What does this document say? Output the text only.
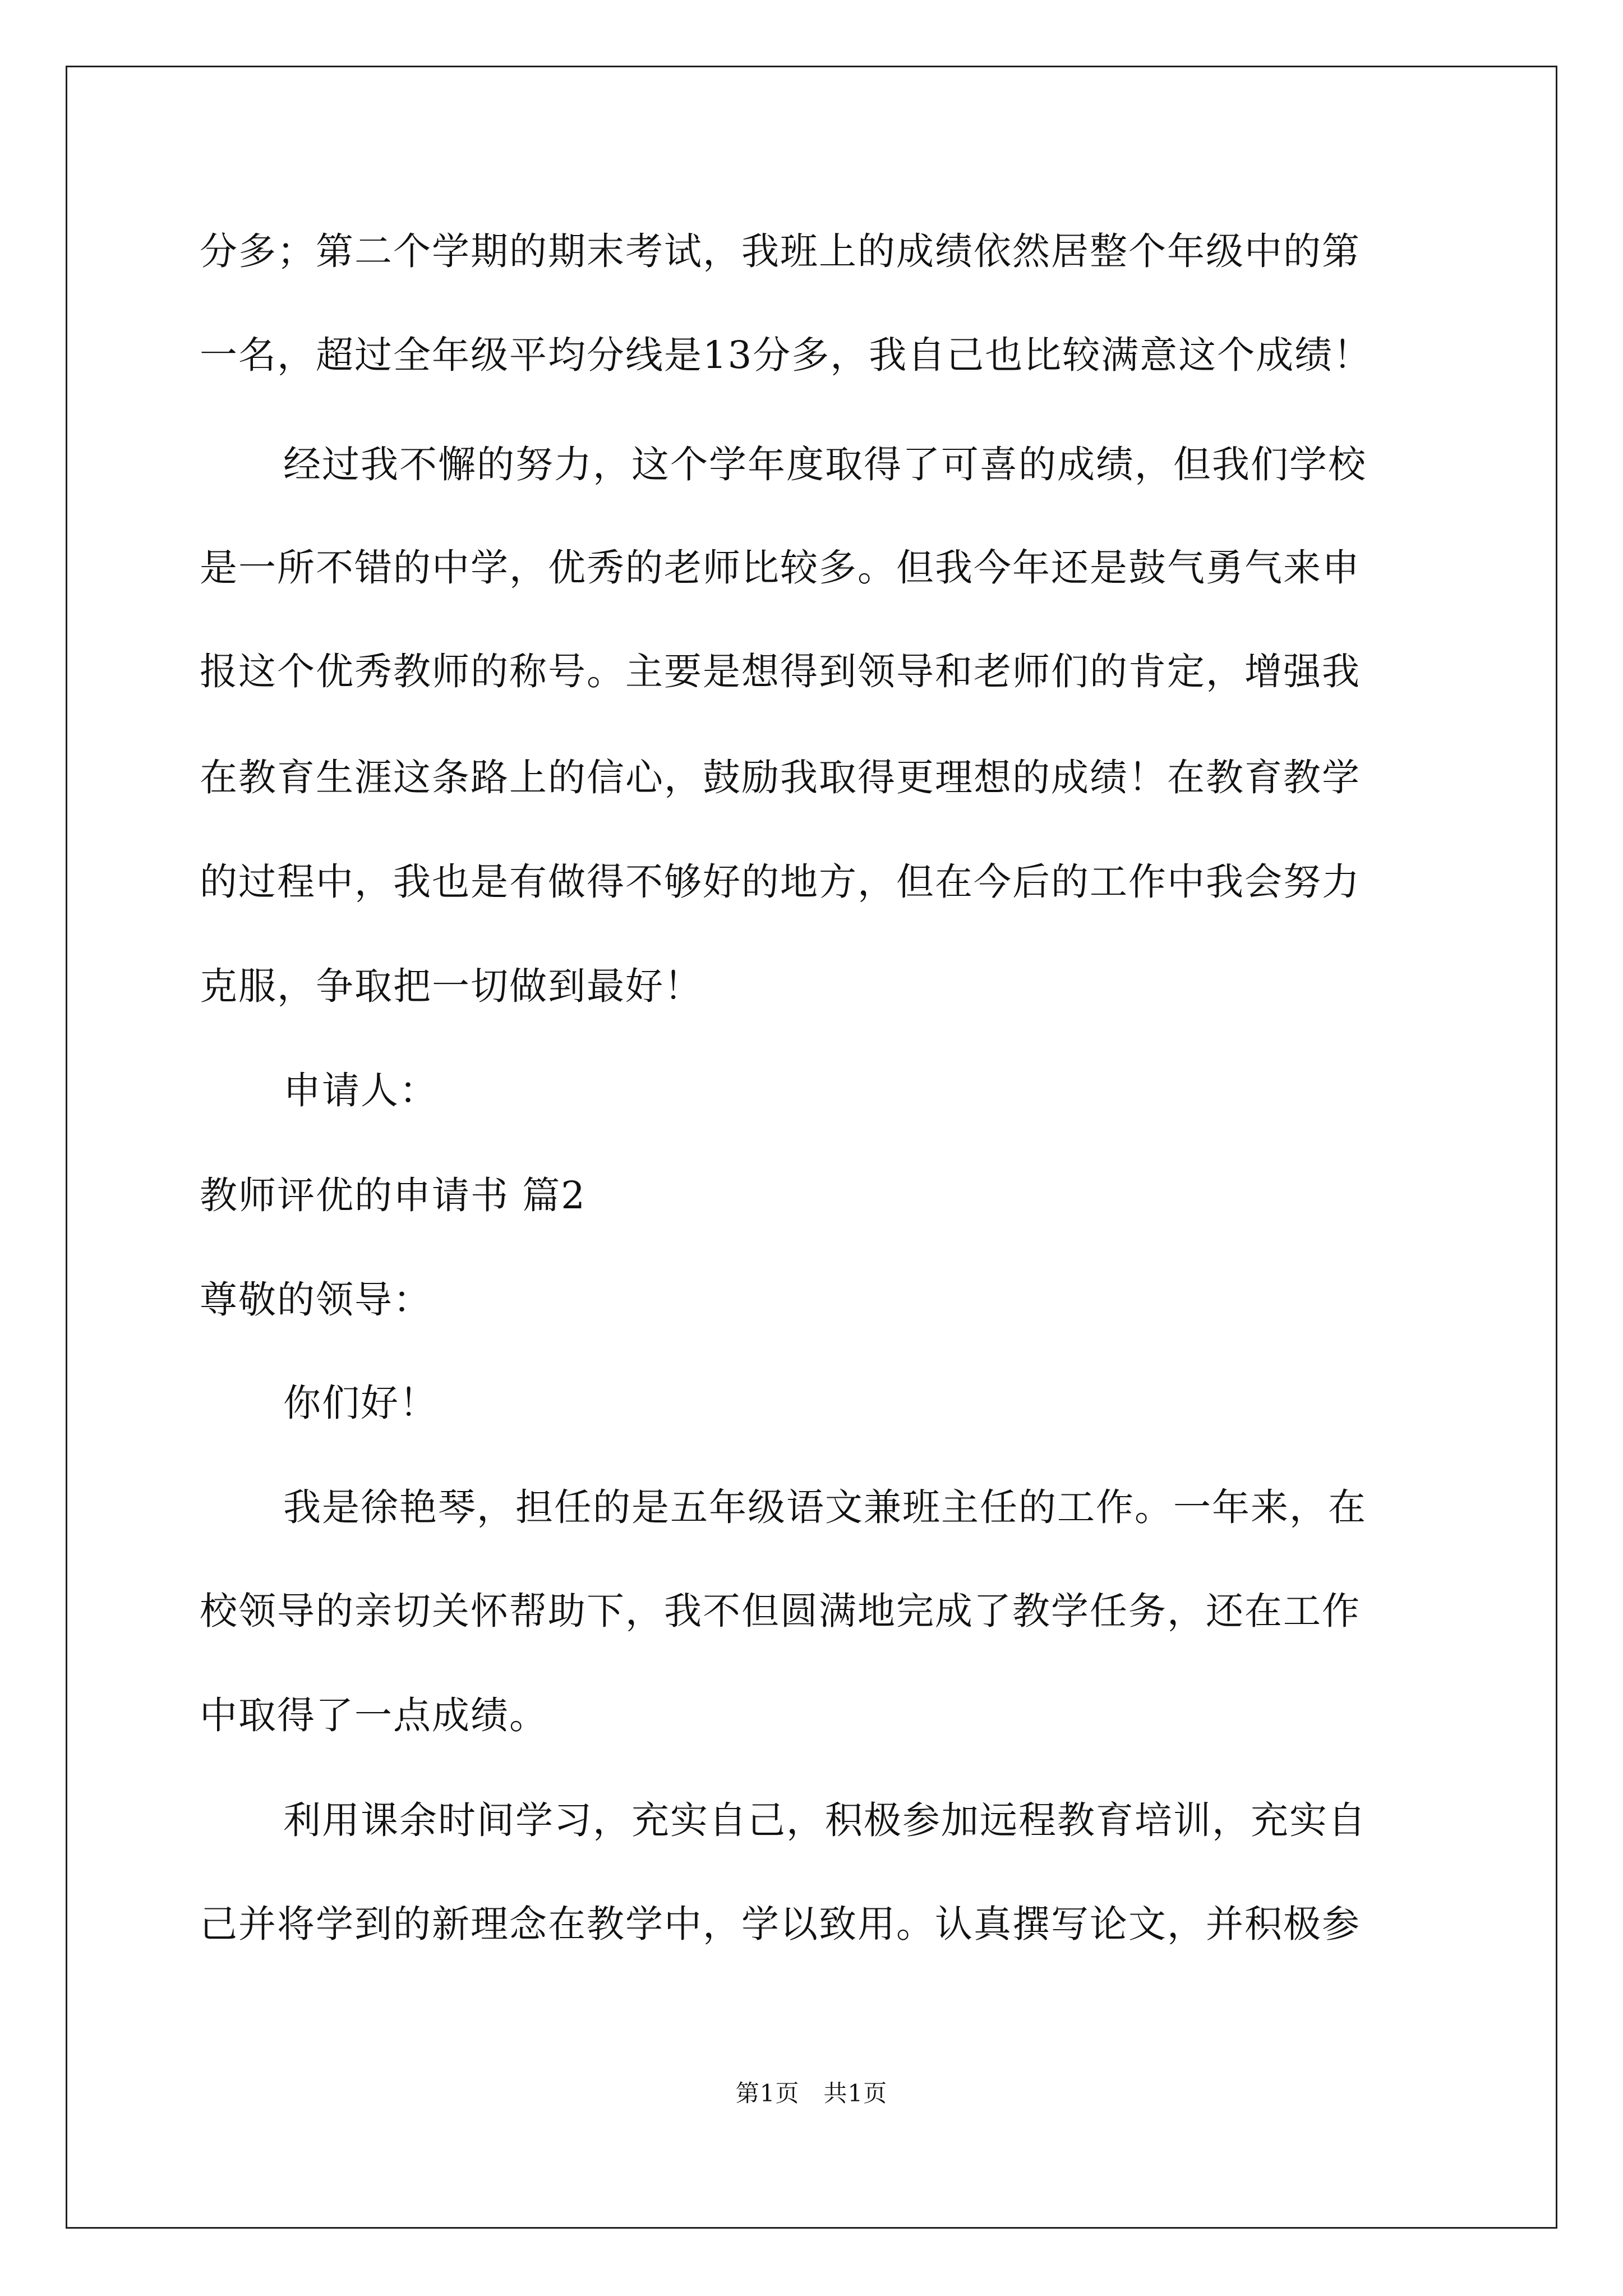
分多；第二个学期的期末考试，我班上的成绩依然居整个年级中的第
一名，超过全年级平均分线是13分多，我自己也比较满意这个成绩！
经过我不懈的努力，这个学年度取得了可喜的成绩，但我们学校
是一所不错的中学，优秀的老师比较多。但我今年还是鼓气勇气来申
报这个优秀教师的称号。主要是想得到领导和老师们的肯定，增强我
在教育生涯这条路上的信心，鼓励我取得更理想的成绩！在教育教学
的过程中，我也是有做得不够好的地方，但在今后的工作中我会努力
克服，争取把一切做到最好！
申请人：
教师评优的申请书 篇2
尊敬的领导：
你们好！
我是徐艳琴，担任的是五年级语文兼班主任的工作。一年来，在
校领导的亲切关怀帮助下，我不但圆满地完成了教学任务，还在工作
中取得了一点成绩。
利用课余时间学习，充实自己，积极参加远程教育培训，充实自
己并将学到的新理念在教学中，学以致用。认真撰写论文，并积极参
第1页　共1页
